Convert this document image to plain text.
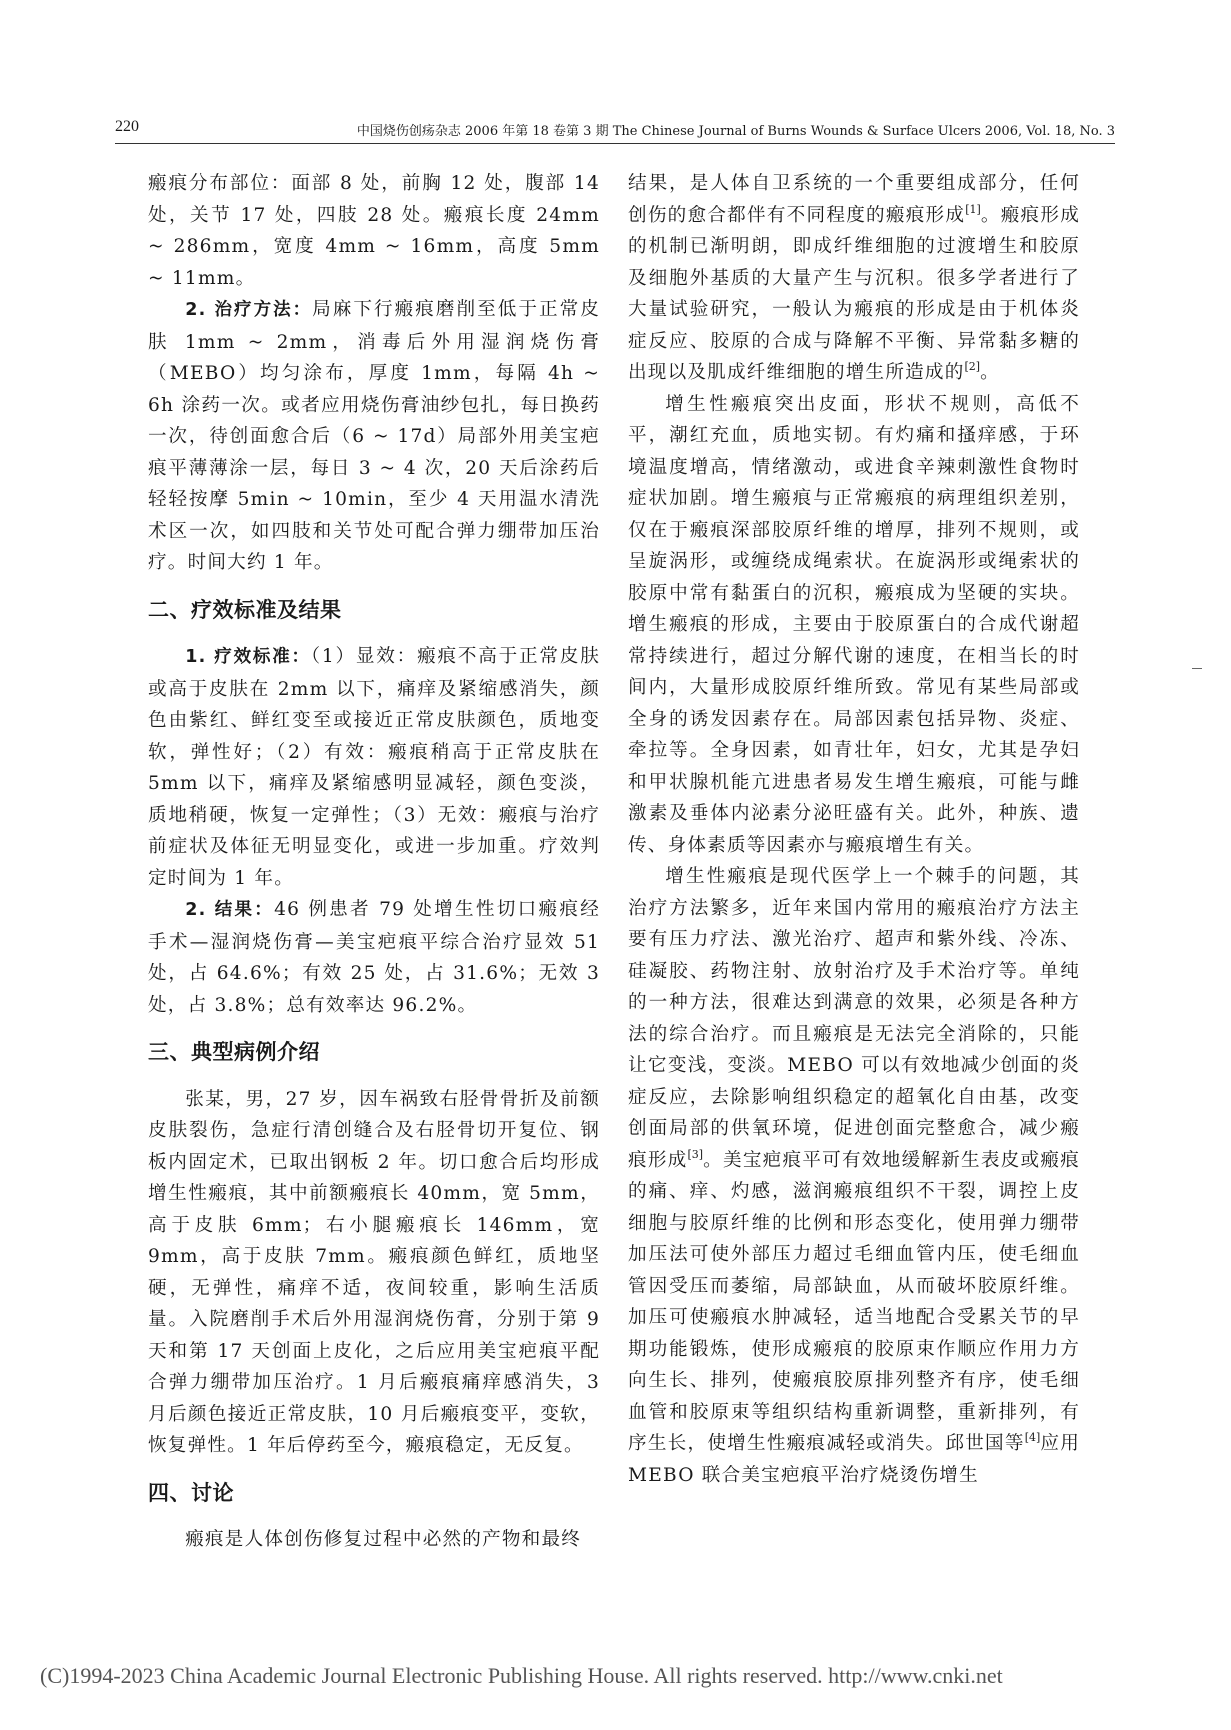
220	中国烧伤创疡杂志 2006 年第 18 卷第 3 期 The Chinese Journal of Burns Wounds & Surface Ulcers 2006, Vol. 18, No. 3

瘢痕分布部位：面部 8 处，前胸 12 处，腹部 14 处，关节 17 处，四肢 28 处。瘢痕长度 24mm ~ 286mm，宽度 4mm ~ 16mm，高度 5mm ~ 11mm。

2. 治疗方法：局麻下行瘢痕磨削至低于正常皮肤 1mm ~ 2mm，消毒后外用湿润烧伤膏（MEBO）均匀涂布，厚度 1mm，每隔 4h ~ 6h 涂药一次。或者应用烧伤膏油纱包扎，每日换药一次，待创面愈合后（6 ~ 17d）局部外用美宝疤痕平薄薄涂一层，每日 3 ~ 4 次，20 天后涂药后轻轻按摩 5min ~ 10min，至少 4 天用温水清洗术区一次，如四肢和关节处可配合弹力绷带加压治疗。时间大约 1 年。

二、疗效标准及结果

1. 疗效标准：（1）显效：瘢痕不高于正常皮肤或高于皮肤在 2mm 以下，痛痒及紧缩感消失，颜色由紫红、鲜红变至或接近正常皮肤颜色，质地变软，弹性好；（2）有效：瘢痕稍高于正常皮肤在 5mm 以下，痛痒及紧缩感明显减轻，颜色变淡，质地稍硬，恢复一定弹性；（3）无效：瘢痕与治疗前症状及体征无明显变化，或进一步加重。疗效判定时间为 1 年。

2. 结果：46 例患者 79 处增生性切口瘢痕经手术—湿润烧伤膏—美宝疤痕平综合治疗显效 51 处，占 64.6%；有效 25 处，占 31.6%；无效 3 处，占 3.8%；总有效率达 96.2%。

三、典型病例介绍

张某，男，27 岁，因车祸致右胫骨骨折及前额皮肤裂伤，急症行清创缝合及右胫骨切开复位、钢板内固定术，已取出钢板 2 年。切口愈合后均形成增生性瘢痕，其中前额瘢痕长 40mm，宽 5mm，高于皮肤 6mm；右小腿瘢痕长 146mm，宽 9mm，高于皮肤 7mm。瘢痕颜色鲜红，质地坚硬，无弹性，痛痒不适，夜间较重，影响生活质量。入院磨削手术后外用湿润烧伤膏，分别于第 9 天和第 17 天创面上皮化，之后应用美宝疤痕平配合弹力绷带加压治疗。1 月后瘢痕痛痒感消失，3 月后颜色接近正常皮肤，10 月后瘢痕变平，变软，恢复弹性。1 年后停药至今，瘢痕稳定，无反复。

四、讨论

瘢痕是人体创伤修复过程中必然的产物和最终

结果，是人体自卫系统的一个重要组成部分，任何创伤的愈合都伴有不同程度的瘢痕形成[1]。瘢痕形成的机制已渐明朗，即成纤维细胞的过渡增生和胶原及细胞外基质的大量产生与沉积。很多学者进行了大量试验研究，一般认为瘢痕的形成是由于机体炎症反应、胶原的合成与降解不平衡、异常黏多糖的出现以及肌成纤维细胞的增生所造成的[2]。

增生性瘢痕突出皮面，形状不规则，高低不平，潮红充血，质地实韧。有灼痛和搔痒感，于环境温度增高，情绪激动，或进食辛辣刺激性食物时症状加剧。增生瘢痕与正常瘢痕的病理组织差别，仅在于瘢痕深部胶原纤维的增厚，排列不规则，或呈旋涡形，或缠绕成绳索状。在旋涡形或绳索状的胶原中常有黏蛋白的沉积，瘢痕成为坚硬的实块。增生瘢痕的形成，主要由于胶原蛋白的合成代谢超常持续进行，超过分解代谢的速度，在相当长的时间内，大量形成胶原纤维所致。常见有某些局部或全身的诱发因素存在。局部因素包括异物、炎症、牵拉等。全身因素，如青壮年，妇女，尤其是孕妇和甲状腺机能亢进患者易发生增生瘢痕，可能与雌激素及垂体内泌素分泌旺盛有关。此外，种族、遗传、身体素质等因素亦与瘢痕增生有关。

增生性瘢痕是现代医学上一个棘手的问题，其治疗方法繁多，近年来国内常用的瘢痕治疗方法主要有压力疗法、激光治疗、超声和紫外线、冷冻、硅凝胶、药物注射、放射治疗及手术治疗等。单纯的一种方法，很难达到满意的效果，必须是各种方法的综合治疗。而且瘢痕是无法完全消除的，只能让它变浅，变淡。MEBO 可以有效地减少创面的炎症反应，去除影响组织稳定的超氧化自由基，改变创面局部的供氧环境，促进创面完整愈合，减少瘢痕形成[3]。美宝疤痕平可有效地缓解新生表皮或瘢痕的痛、痒、灼感，滋润瘢痕组织不干裂，调控上皮细胞与胶原纤维的比例和形态变化，使用弹力绷带加压法可使外部压力超过毛细血管内压，使毛细血管因受压而萎缩，局部缺血，从而破坏胶原纤维。加压可使瘢痕水肿减轻，适当地配合受累关节的早期功能锻炼，使形成瘢痕的胶原束作顺应作用力方向生长、排列，使瘢痕胶原排列整齐有序，使毛细血管和胶原束等组织结构重新调整，重新排列，有序生长，使增生性瘢痕减轻或消失。邱世国等[4]应用 MEBO 联合美宝疤痕平治疗烧烫伤增生

(C)1994-2023 China Academic Journal Electronic Publishing House. All rights reserved. http://www.cnki.net
